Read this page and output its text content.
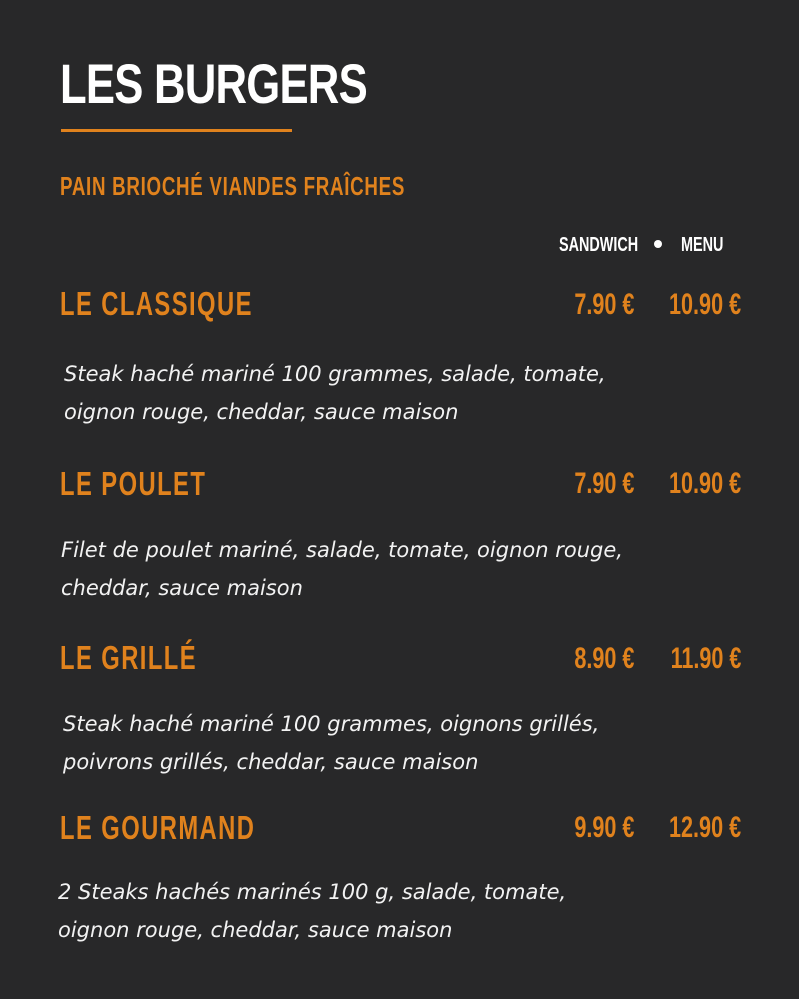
LES BURGERS
PAIN BRIOCHÉ VIANDES FRAÎCHES
SANDWICH MENU
LE CLASSIQUE	7.90 € 10.90 €

Steak haché mariné 100 grammes, salade, tomate,
oignon rouge, cheddar, sauce maison

LE POULET	7.90 € 10.90 €

Filet de poulet mariné, salade, tomate, oignon rouge,
cheddar, sauce maison

LE GRILLÉ	8.90 € 11.90 €

Steak haché mariné 100 grammes, oignons grillés,
poivrons grillés, cheddar, sauce maison

LE GOURMAND	9.90 € 12.90 €

2 Steaks hachés marinés 100 g, salade, tomate,
oignon rouge, cheddar, sauce maison
